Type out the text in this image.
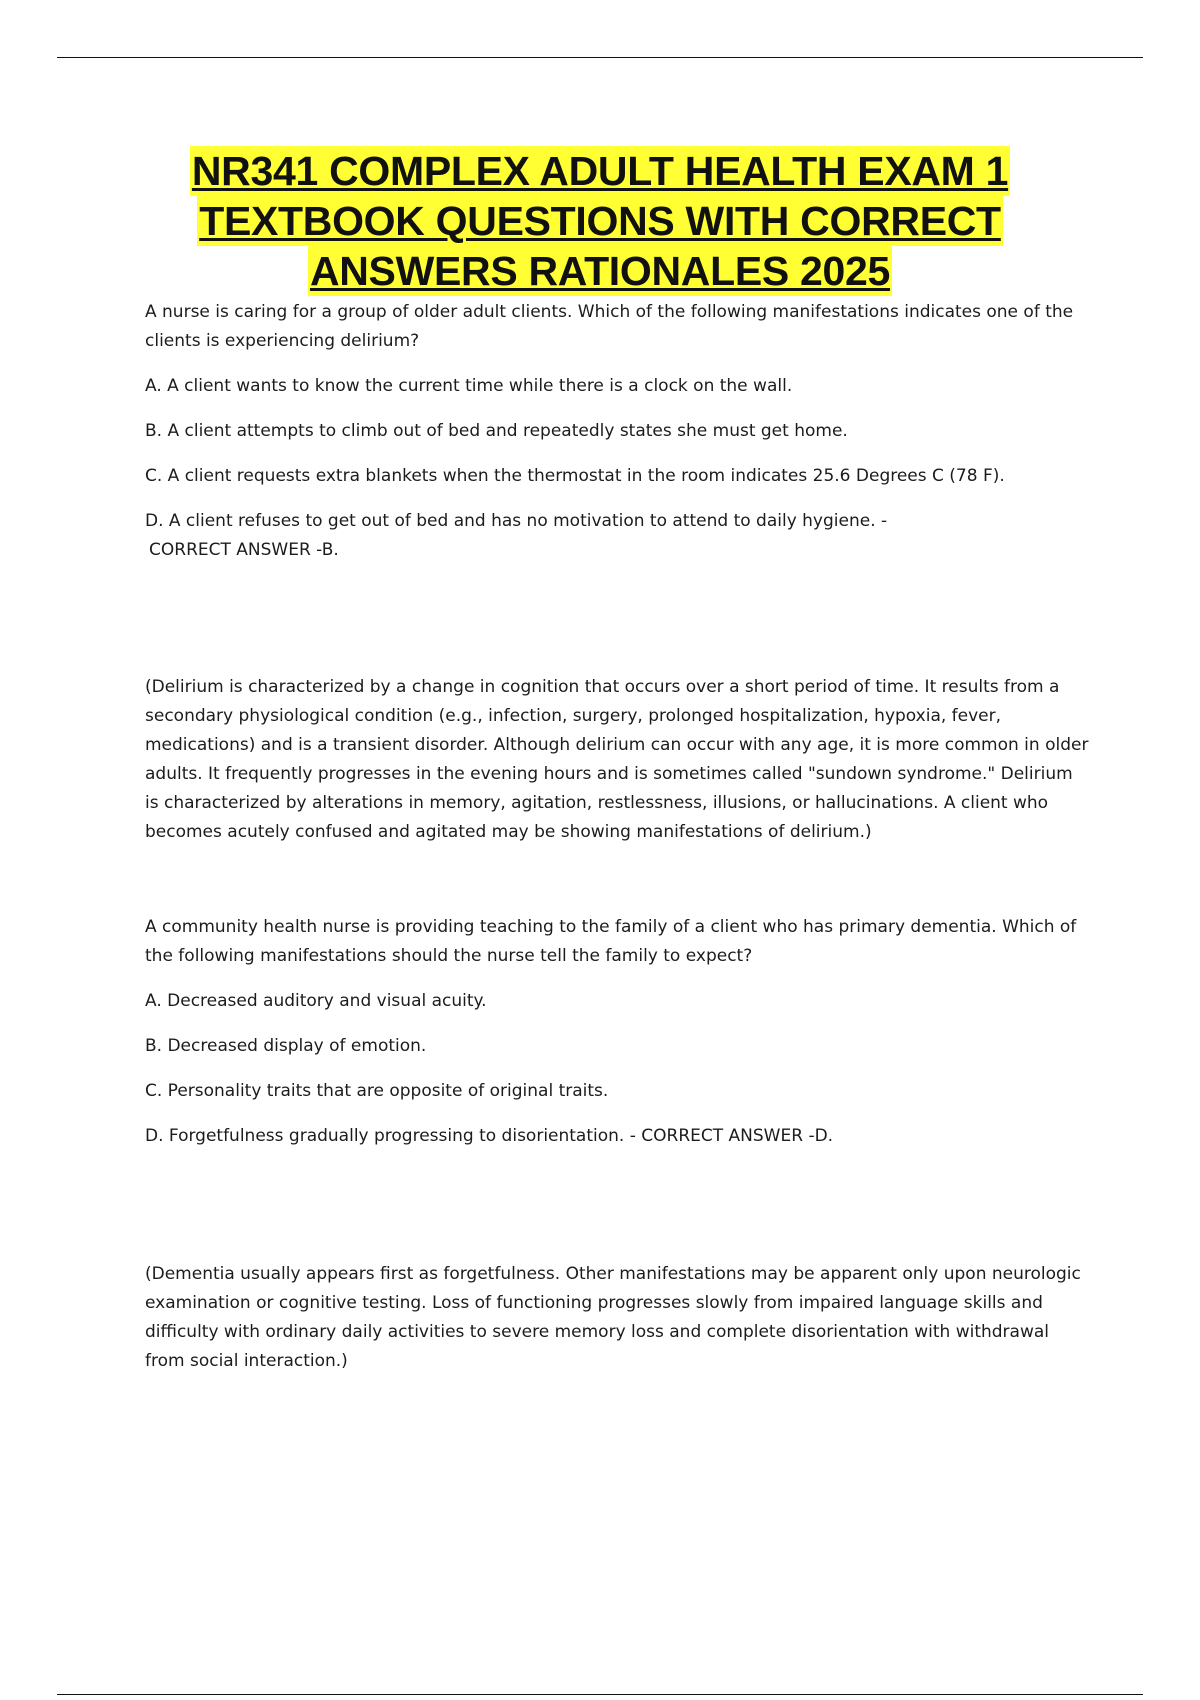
NR341 COMPLEX ADULT HEALTH EXAM 1
TEXTBOOK QUESTIONS WITH CORRECT
ANSWERS RATIONALES 2025

A nurse is caring for a group of older adult clients. Which of the following manifestations indicates one of the clients is experiencing delirium?

A. A client wants to know the current time while there is a clock on the wall.

B. A client attempts to climb out of bed and repeatedly states she must get home.

C. A client requests extra blankets when the thermostat in the room indicates 25.6 Degrees C (78 F).

D. A client refuses to get out of bed and has no motivation to attend to daily hygiene. -

CORRECT ANSWER -B.

(Delirium is characterized by a change in cognition that occurs over a short period of time. It results from a secondary physiological condition (e.g., infection, surgery, prolonged hospitalization, hypoxia, fever, medications) and is a transient disorder. Although delirium can occur with any age, it is more common in older adults. It frequently progresses in the evening hours and is sometimes called "sundown syndrome." Delirium is characterized by alterations in memory, agitation, restlessness, illusions, or hallucinations. A client who becomes acutely confused and agitated may be showing manifestations of delirium.)

A community health nurse is providing teaching to the family of a client who has primary dementia. Which of the following manifestations should the nurse tell the family to expect?

A. Decreased auditory and visual acuity.

B. Decreased display of emotion.

C. Personality traits that are opposite of original traits.

D. Forgetfulness gradually progressing to disorientation. - CORRECT ANSWER -D.

(Dementia usually appears first as forgetfulness. Other manifestations may be apparent only upon neurologic examination or cognitive testing. Loss of functioning progresses slowly from impaired language skills and difficulty with ordinary daily activities to severe memory loss and complete disorientation with withdrawal from social interaction.)
